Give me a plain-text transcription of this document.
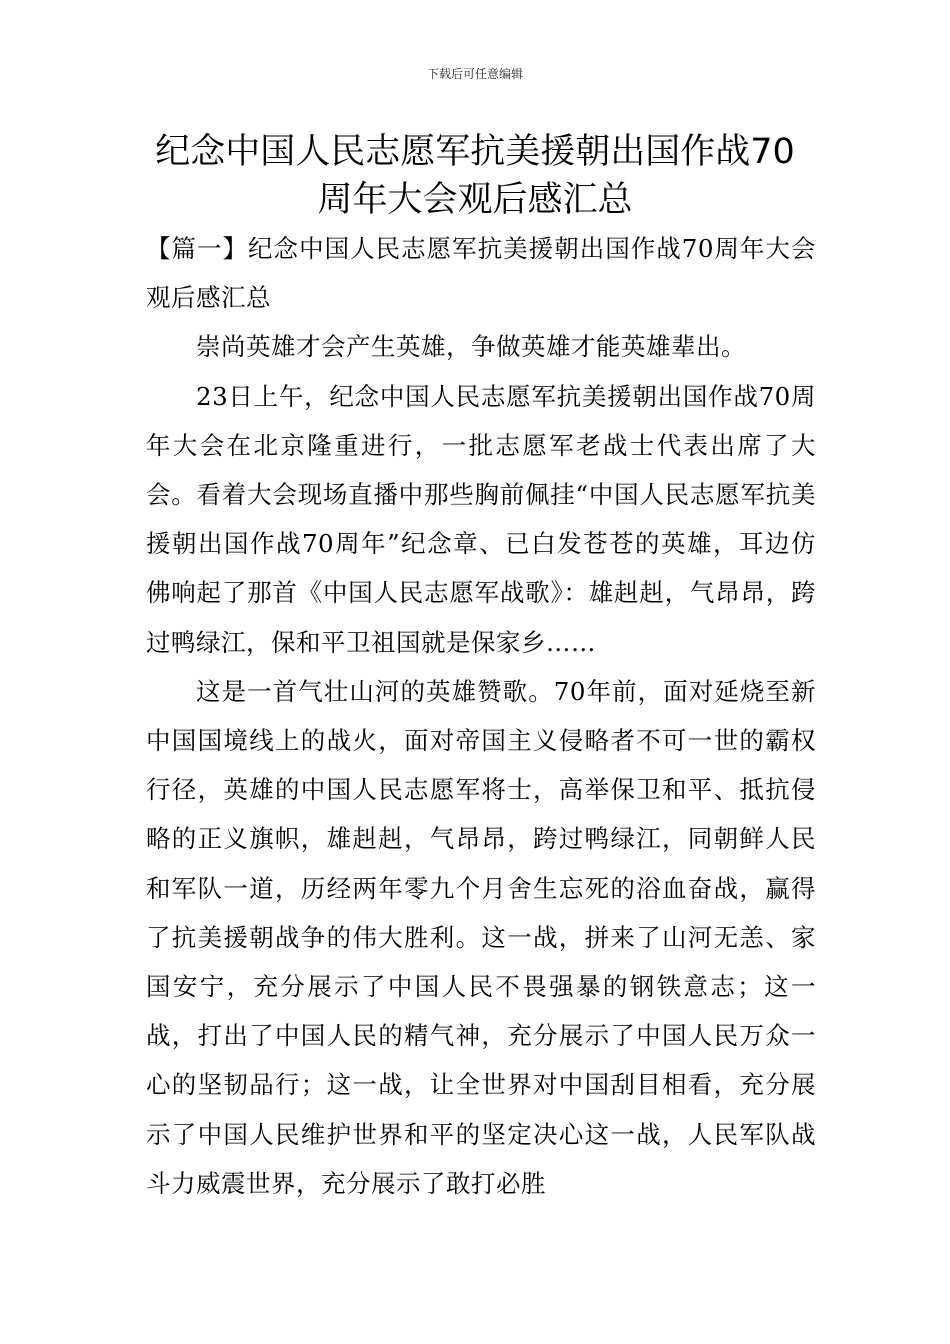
下载后可任意编辑
纪念中国人民志愿军抗美援朝出国作战70周年大会观后感汇总

【篇一】纪念中国人民志愿军抗美援朝出国作战70周年大会观后感汇总

崇尚英雄才会产生英雄，争做英雄才能英雄辈出。

23日上午，纪念中国人民志愿军抗美援朝出国作战70周年大会在北京隆重进行，一批志愿军老战士代表出席了大会。看着大会现场直播中那些胸前佩挂“中国人民志愿军抗美援朝出国作战70周年”纪念章、已白发苍苍的英雄，耳边仿佛响起了那首《中国人民志愿军战歌》：雄赳赳，气昂昂，跨过鸭绿江，保和平卫祖国就是保家乡……

这是一首气壮山河的英雄赞歌。70年前，面对延烧至新中国国境线上的战火，面对帝国主义侵略者不可一世的霸权行径，英雄的中国人民志愿军将士，高举保卫和平、抵抗侵略的正义旗帜，雄赳赳，气昂昂，跨过鸭绿江，同朝鲜人民和军队一道，历经两年零九个月舍生忘死的浴血奋战，赢得了抗美援朝战争的伟大胜利。这一战，拼来了山河无恙、家国安宁，充分展示了中国人民不畏强暴的钢铁意志；这一战，打出了中国人民的精气神，充分展示了中国人民万众一心的坚韧品行；这一战，让全世界对中国刮目相看，充分展示了中国人民维护世界和平的坚定决心这一战，人民军队战斗力威震世界，充分展示了敢打必胜
